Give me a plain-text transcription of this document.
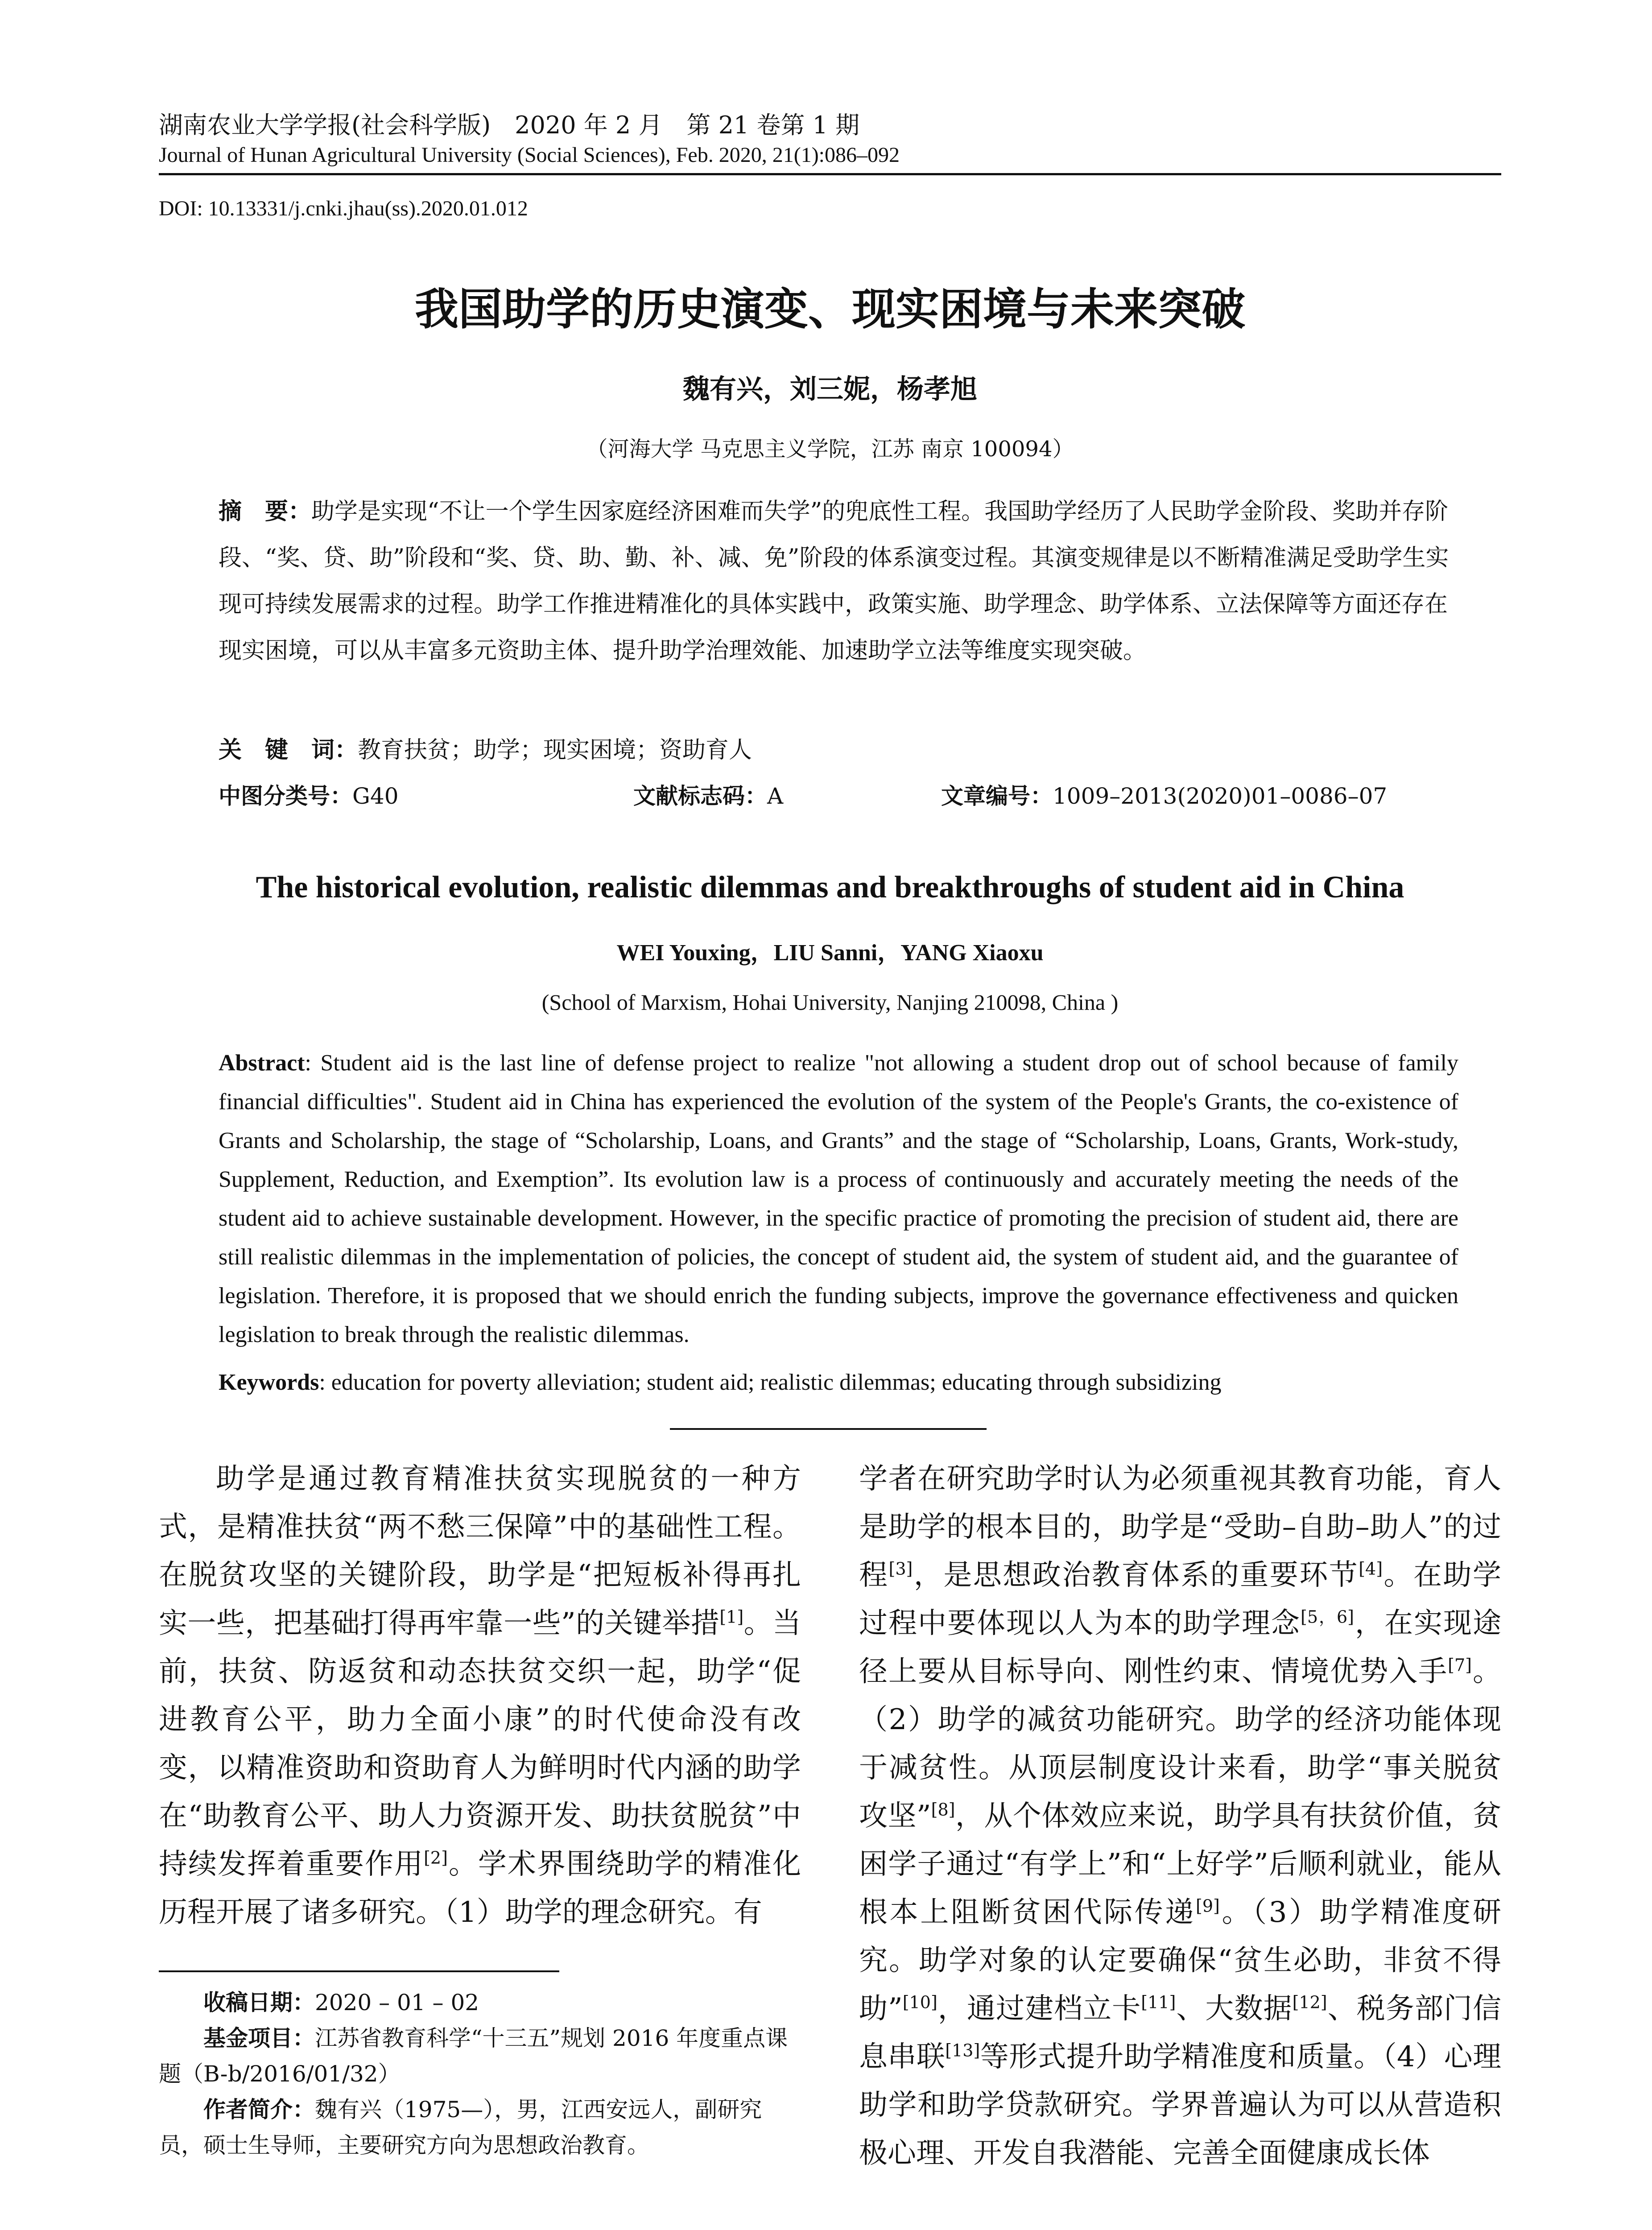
湖南农业大学学报(社会科学版)　2020 年 2 月　第 21 卷第 1 期
Journal of Hunan Agricultural University (Social Sciences), Feb. 2020, 21(1):086–092
DOI: 10.13331/j.cnki.jhau(ss).2020.01.012
我国助学的历史演变、现实困境与未来突破
魏有兴，刘三妮，杨孝旭
（河海大学 马克思主义学院，江苏 南京 100094）
摘　要：助学是实现“不让一个学生因家庭经济困难而失学”的兜底性工程。我国助学经历了人民助学金阶段、奖助并存阶段、“奖、贷、助”阶段和“奖、贷、助、勤、补、减、免”阶段的体系演变过程。其演变规律是以不断精准满足受助学生实现可持续发展需求的过程。助学工作推进精准化的具体实践中，政策实施、助学理念、助学体系、立法保障等方面还存在现实困境，可以从丰富多元资助主体、提升助学治理效能、加速助学立法等维度实现突破。
关　键　词：教育扶贫；助学；现实困境；资助育人
中图分类号：G40	文献标志码：A	文章编号：1009–2013(2020)01–0086–07
The historical evolution, realistic dilemmas and breakthroughs of student aid in China
WEI Youxing，LIU Sanni，YANG Xiaoxu
(School of Marxism, Hohai University, Nanjing 210098, China )
Abstract: Student aid is the last line of defense project to realize "not allowing a student drop out of school because of family financial difficulties". Student aid in China has experienced the evolution of the system of the People's Grants, the co-existence of Grants and Scholarship, the stage of “Scholarship, Loans, and Grants” and the stage of “Scholarship, Loans, Grants, Work-study, Supplement, Reduction, and Exemption”. Its evolution law is a process of continuously and accurately meeting the needs of the student aid to achieve sustainable development. However, in the specific practice of promoting the precision of student aid, there are still realistic dilemmas in the implementation of policies, the concept of student aid, the system of student aid, and the guarantee of legislation. Therefore, it is proposed that we should enrich the funding subjects, improve the governance effectiveness and quicken legislation to break through the realistic dilemmas.
Keywords: education for poverty alleviation; student aid; realistic dilemmas; educating through subsidizing
助学是通过教育精准扶贫实现脱贫的一种方式，是精准扶贫“两不愁三保障”中的基础性工程。在脱贫攻坚的关键阶段，助学是“把短板补得再扎实一些，把基础打得再牢靠一些”的关键举措[1]。当前，扶贫、防返贫和动态扶贫交织一起，助学“促进教育公平，助力全面小康”的时代使命没有改变，以精准资助和资助育人为鲜明时代内涵的助学在“助教育公平、助人力资源开发、助扶贫脱贫”中持续发挥着重要作用[2]。学术界围绕助学的精准化历程开展了诸多研究。（1）助学的理念研究。有
学者在研究助学时认为必须重视其教育功能，育人是助学的根本目的，助学是“受助–自助–助人”的过程[3]，是思想政治教育体系的重要环节[4]。在助学过程中要体现以人为本的助学理念[5，6]，在实现途径上要从目标导向、刚性约束、情境优势入手[7]。（2）助学的减贫功能研究。助学的经济功能体现于减贫性。从顶层制度设计来看，助学“事关脱贫攻坚”[8]，从个体效应来说，助学具有扶贫价值，贫困学子通过“有学上”和“上好学”后顺利就业，能从根本上阻断贫困代际传递[9]。（3）助学精准度研究。助学对象的认定要确保“贫生必助，非贫不得助”[10]，通过建档立卡[11]、大数据[12]、税务部门信息串联[13]等形式提升助学精准度和质量。（4）心理助学和助学贷款研究。学界普遍认为可以从营造积极心理、开发自我潜能、完善全面健康成长体

收稿日期：2020 – 01 – 02

基金项目：江苏省教育科学“十三五”规划 2016 年度重点课题（B-b/2016/01/32）

作者简介：魏有兴（1975—），男，江西安远人，副研究员，硕士生导师，主要研究方向为思想政治教育。
